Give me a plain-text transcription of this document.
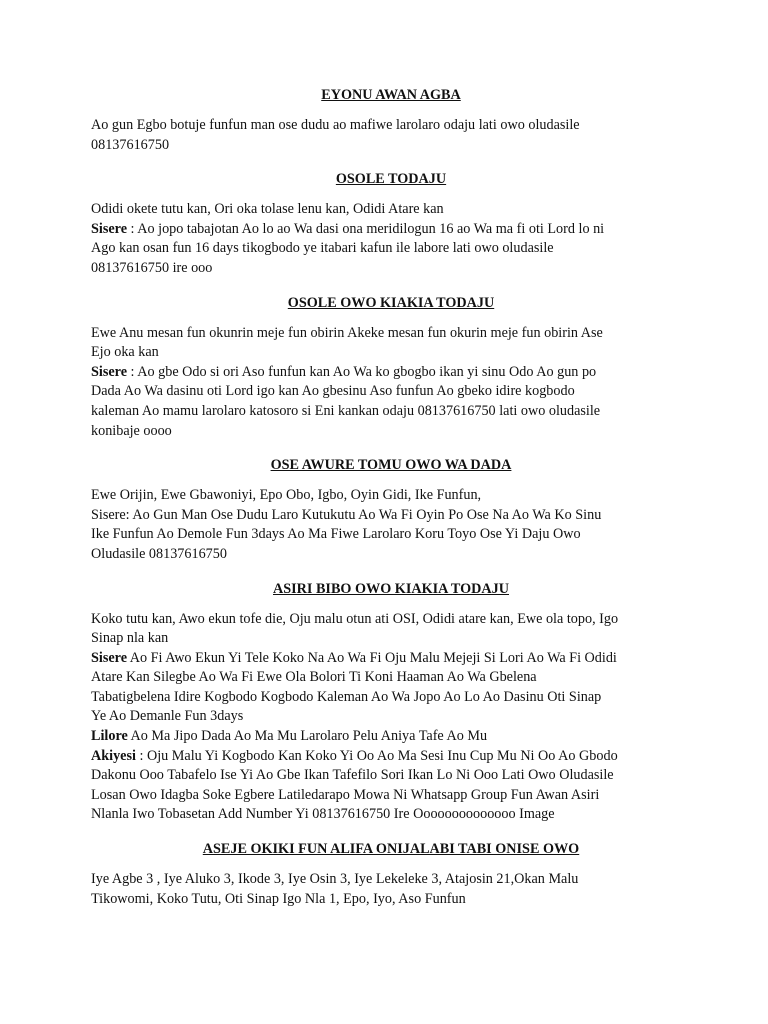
EYONU AWAN AGBA

Ao gun Egbo botuje funfun man ose dudu ao mafiwe larolaro odaju lati owo oludasile
08137616750

OSOLE TODAJU

Odidi okete tutu kan, Ori oka tolase lenu kan, Odidi Atare kan
Sisere : Ao jopo tabajotan Ao lo ao Wa dasi ona meridilogun 16 ao Wa ma fi oti Lord lo ni
Ago kan osan fun 16 days tikogbodo ye itabari kafun ile labore lati owo oludasile
08137616750 ire ooo

OSOLE OWO KIAKIA TODAJU

Ewe Anu mesan fun okunrin meje fun obirin Akeke mesan fun okurin meje fun obirin Ase
Ejo oka kan
Sisere : Ao gbe Odo si ori Aso funfun kan Ao Wa ko gbogbo ikan yi sinu Odo Ao gun po
Dada Ao Wa dasinu oti Lord igo kan Ao gbesinu Aso funfun Ao gbeko idire kogbodo
kaleman Ao mamu larolaro katosoro si Eni kankan odaju 08137616750 lati owo oludasile
konibaje oooo

OSE AWURE TOMU OWO WA DADA

Ewe Orijin, Ewe Gbawoniyi, Epo Obo, Igbo, Oyin Gidi, Ike Funfun,
Sisere: Ao Gun Man Ose Dudu Laro Kutukutu Ao Wa Fi Oyin Po Ose Na Ao Wa Ko Sinu
Ike Funfun Ao Demole Fun 3days Ao Ma Fiwe Larolaro Koru Toyo Ose Yi Daju Owo
Oludasile 08137616750

ASIRI BIBO OWO KIAKIA TODAJU

Koko tutu kan, Awo ekun tofe die, Oju malu otun ati OSI, Odidi atare kan, Ewe ola topo, Igo
Sinap nla kan
Sisere Ao Fi Awo Ekun Yi Tele Koko Na Ao Wa Fi Oju Malu Mejeji Si Lori Ao Wa Fi Odidi
Atare Kan Silegbe Ao Wa Fi Ewe Ola Bolori Ti Koni Haaman Ao Wa Gbelena
Tabatigbelena Idire Kogbodo Kogbodo Kaleman Ao Wa Jopo Ao Lo Ao Dasinu Oti Sinap
Ye Ao Demanle Fun 3days
Lilore Ao Ma Jipo Dada Ao Ma Mu Larolaro Pelu Aniya Tafe Ao Mu
Akiyesi : Oju Malu Yi Kogbodo Kan Koko Yi Oo Ao Ma Sesi Inu Cup Mu Ni Oo Ao Gbodo
Dakonu Ooo Tabafelo Ise Yi Ao Gbe Ikan Tafefilo Sori Ikan Lo Ni Ooo Lati Owo Oludasile
Losan Owo Idagba Soke Egbere Latiledarapo Mowa Ni Whatsapp Group Fun Awan Asiri
Nlanla Iwo Tobasetan Add Number Yi 08137616750 Ire Oooooooooooooo Image

ASEJE OKIKI FUN ALIFA ONIJALABI TABI ONISE OWO

Iye Agbe 3 , Iye Aluko 3, Ikode 3, Iye Osin 3, Iye Lekeleke 3, Atajosin 21,Okan Malu
Tikowomi, Koko Tutu, Oti Sinap Igo Nla 1, Epo, Iyo, Aso Funfun
